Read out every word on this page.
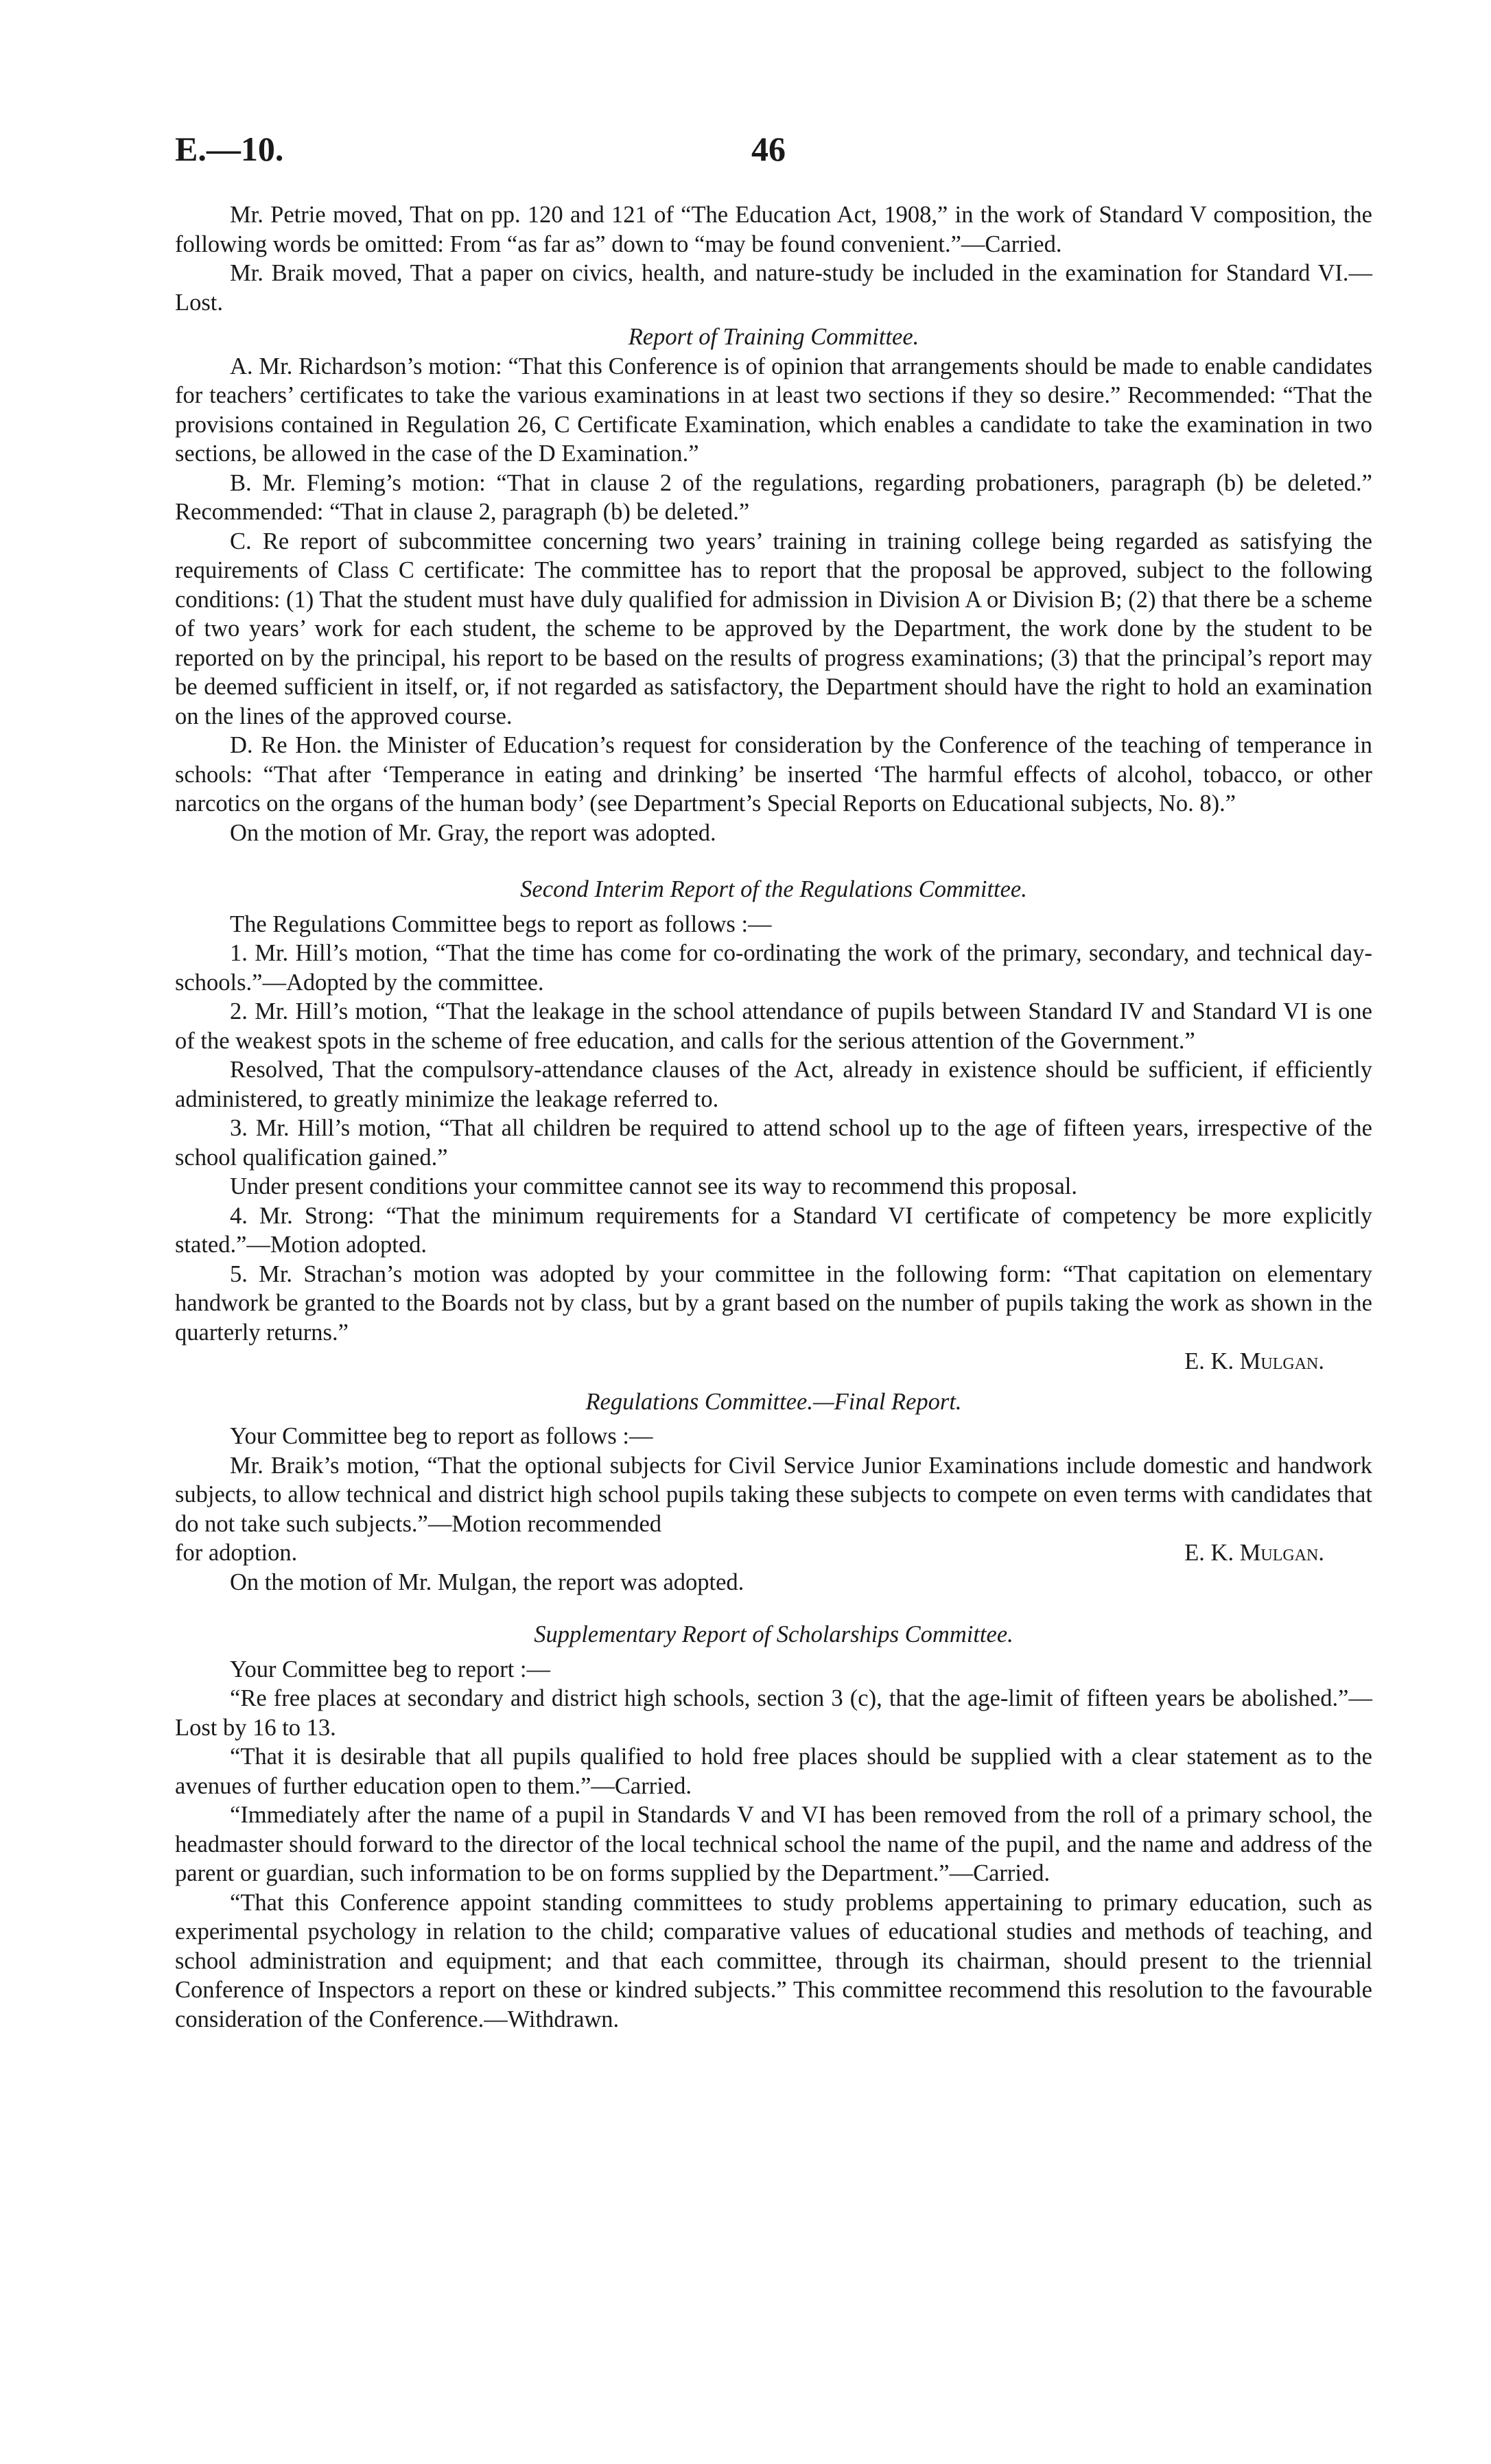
E.—10.	46

Mr. Petrie moved, That on pp. 120 and 121 of “The Education Act, 1908,” in the work of Standard V composition, the following words be omitted: From “as far as” down to “may be found convenient.”—Carried.

Mr. Braik moved, That a paper on civics, health, and nature-study be included in the examination for Standard VI.—Lost.

Report of Training Committee.

A. Mr. Richardson’s motion: “That this Conference is of opinion that arrangements should be made to enable candidates for teachers’ certificates to take the various examinations in at least two sections if they so desire.” Recommended: “That the provisions contained in Regulation 26, C Certificate Examination, which enables a candidate to take the examination in two sections, be allowed in the case of the D Examination.”

B. Mr. Fleming’s motion: “That in clause 2 of the regulations, regarding probationers, paragraph (b) be deleted.” Recommended: “That in clause 2, paragraph (b) be deleted.”

C. Re report of subcommittee concerning two years’ training in training college being regarded as satisfying the requirements of Class C certificate: The committee has to report that the proposal be approved, subject to the following conditions: (1) That the student must have duly qualified for admission in Division A or Division B; (2) that there be a scheme of two years’ work for each student, the scheme to be approved by the Department, the work done by the student to be reported on by the principal, his report to be based on the results of progress examinations; (3) that the principal’s report may be deemed sufficient in itself, or, if not regarded as satisfactory, the Department should have the right to hold an examination on the lines of the approved course.

D. Re Hon. the Minister of Education’s request for consideration by the Conference of the teaching of temperance in schools: “That after ‘Temperance in eating and drinking’ be inserted ‘The harmful effects of alcohol, tobacco, or other narcotics on the organs of the human body’ (see Department’s Special Reports on Educational subjects, No. 8).”

On the motion of Mr. Gray, the report was adopted.

Second Interim Report of the Regulations Committee.

The Regulations Committee begs to report as follows :—

1. Mr. Hill’s motion, “That the time has come for co-ordinating the work of the primary, secondary, and technical day-schools.”—Adopted by the committee.

2. Mr. Hill’s motion, “That the leakage in the school attendance of pupils between Standard IV and Standard VI is one of the weakest spots in the scheme of free education, and calls for the serious attention of the Government.”

Resolved, That the compulsory-attendance clauses of the Act, already in existence should be sufficient, if efficiently administered, to greatly minimize the leakage referred to.

3. Mr. Hill’s motion, “That all children be required to attend school up to the age of fifteen years, irrespective of the school qualification gained.”

Under present conditions your committee cannot see its way to recommend this proposal.

4. Mr. Strong: “That the minimum requirements for a Standard VI certificate of competency be more explicitly stated.”—Motion adopted.

5. Mr. Strachan’s motion was adopted by your committee in the following form: “That capitation on elementary handwork be granted to the Boards not by class, but by a grant based on the number of pupils taking the work as shown in the quarterly returns.”

E. K. Mulgan.

Regulations Committee.—Final Report.

Your Committee beg to report as follows :—

Mr. Braik’s motion, “That the optional subjects for Civil Service Junior Examinations include domestic and handwork subjects, to allow technical and district high school pupils taking these subjects to compete on even terms with candidates that do not take such subjects.”—Motion recommended

for adoption.	E. K. Mulgan.

On the motion of Mr. Mulgan, the report was adopted.

Supplementary Report of Scholarships Committee.

Your Committee beg to report :—

“Re free places at secondary and district high schools, section 3 (c), that the age-limit of fifteen years be abolished.”—Lost by 16 to 13.

“That it is desirable that all pupils qualified to hold free places should be supplied with a clear statement as to the avenues of further education open to them.”—Carried.

“Immediately after the name of a pupil in Standards V and VI has been removed from the roll of a primary school, the headmaster should forward to the director of the local technical school the name of the pupil, and the name and address of the parent or guardian, such information to be on forms supplied by the Department.”—Carried.

“That this Conference appoint standing committees to study problems appertaining to primary education, such as experimental psychology in relation to the child; comparative values of educational studies and methods of teaching, and school administration and equipment; and that each committee, through its chairman, should present to the triennial Conference of Inspectors a report on these or kindred subjects.” This committee recommend this resolution to the favourable consideration of the Conference.—Withdrawn.
